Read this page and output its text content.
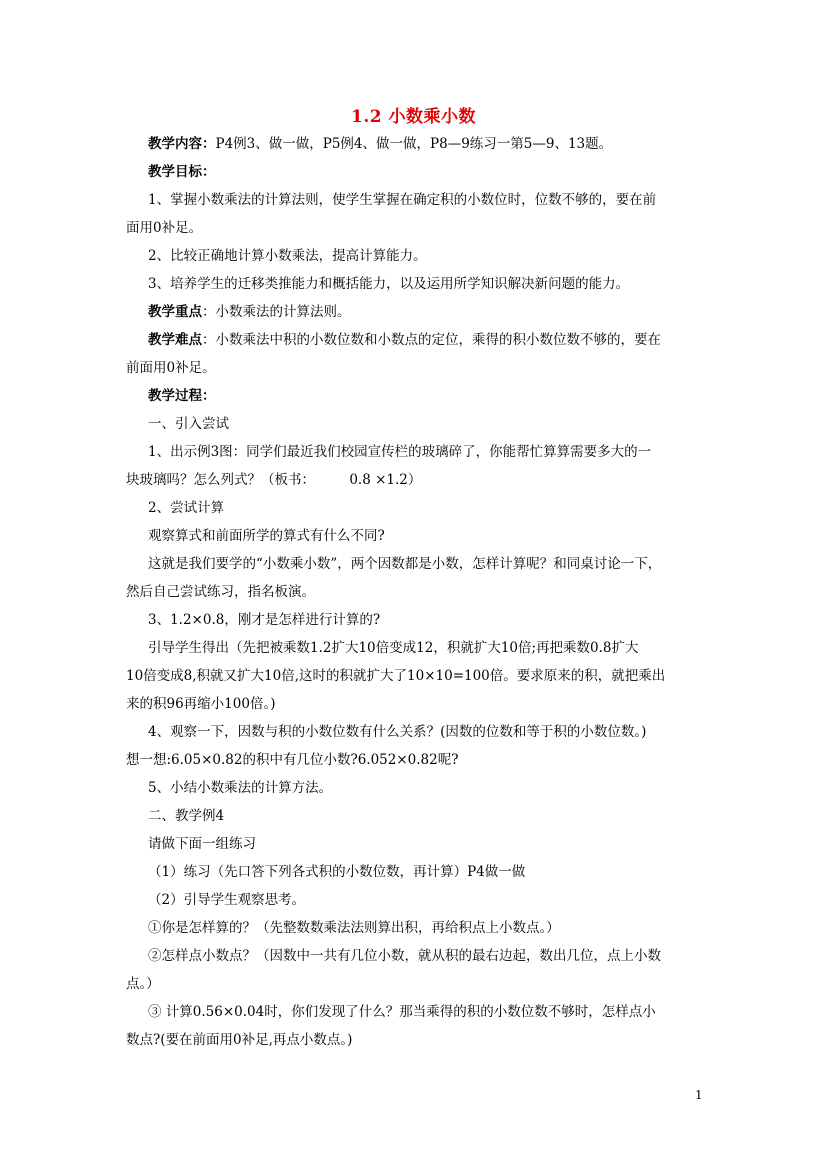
1.2 小数乘小数
教学内容：P4例3、做一做，P5例4、做一做，P8—9练习一第5—9、13题。
教学目标：
1、掌握小数乘法的计算法则，使学生掌握在确定积的小数位时，位数不够的，要在前
面用0补足。
2、比较正确地计算小数乘法，提高计算能力。
3、培养学生的迁移类推能力和概括能力，以及运用所学知识解决新问题的能力。
教学重点：小数乘法的计算法则。
教学难点：小数乘法中积的小数位数和小数点的定位，乘得的积小数位数不够的，要在
前面用0补足。
教学过程：
一、引入尝试
1、出示例3图：同学们最近我们校园宣传栏的玻璃碎了，你能帮忙算算需要多大的一
块玻璃吗？怎么列式？（板书：        0.8 ×1.2）
2、尝试计算
观察算式和前面所学的算式有什么不同?
这就是我们要学的“小数乘小数”，两个因数都是小数，怎样计算呢？和同桌讨论一下，
然后自己尝试练习，指名板演。
3、1.2×0.8，刚才是怎样进行计算的?
引导学生得出（先把被乘数1.2扩大10倍变成12，积就扩大10倍;再把乘数0.8扩大
10倍变成8,积就又扩大10倍,这时的积就扩大了10×10=100倍。要求原来的积，就把乘出
来的积96再缩小100倍。)
4、观察一下，因数与积的小数位数有什么关系？(因数的位数和等于积的小数位数。)
想一想:6.05×0.82的积中有几位小数?6.052×0.82呢?
5、小结小数乘法的计算方法。
二、教学例4
请做下面一组练习
（1）练习（先口答下列各式积的小数位数，再计算）P4做一做
（2）引导学生观察思考。
①你是怎样算的？（先整数数乘法法则算出积，再给积点上小数点。）
②怎样点小数点？（因数中一共有几位小数，就从积的最右边起，数出几位，点上小数
点。）
③ 计算0.56×0.04时，你们发现了什么？那当乘得的积的小数位数不够时，怎样点小
数点?(要在前面用0补足,再点小数点。)
1
